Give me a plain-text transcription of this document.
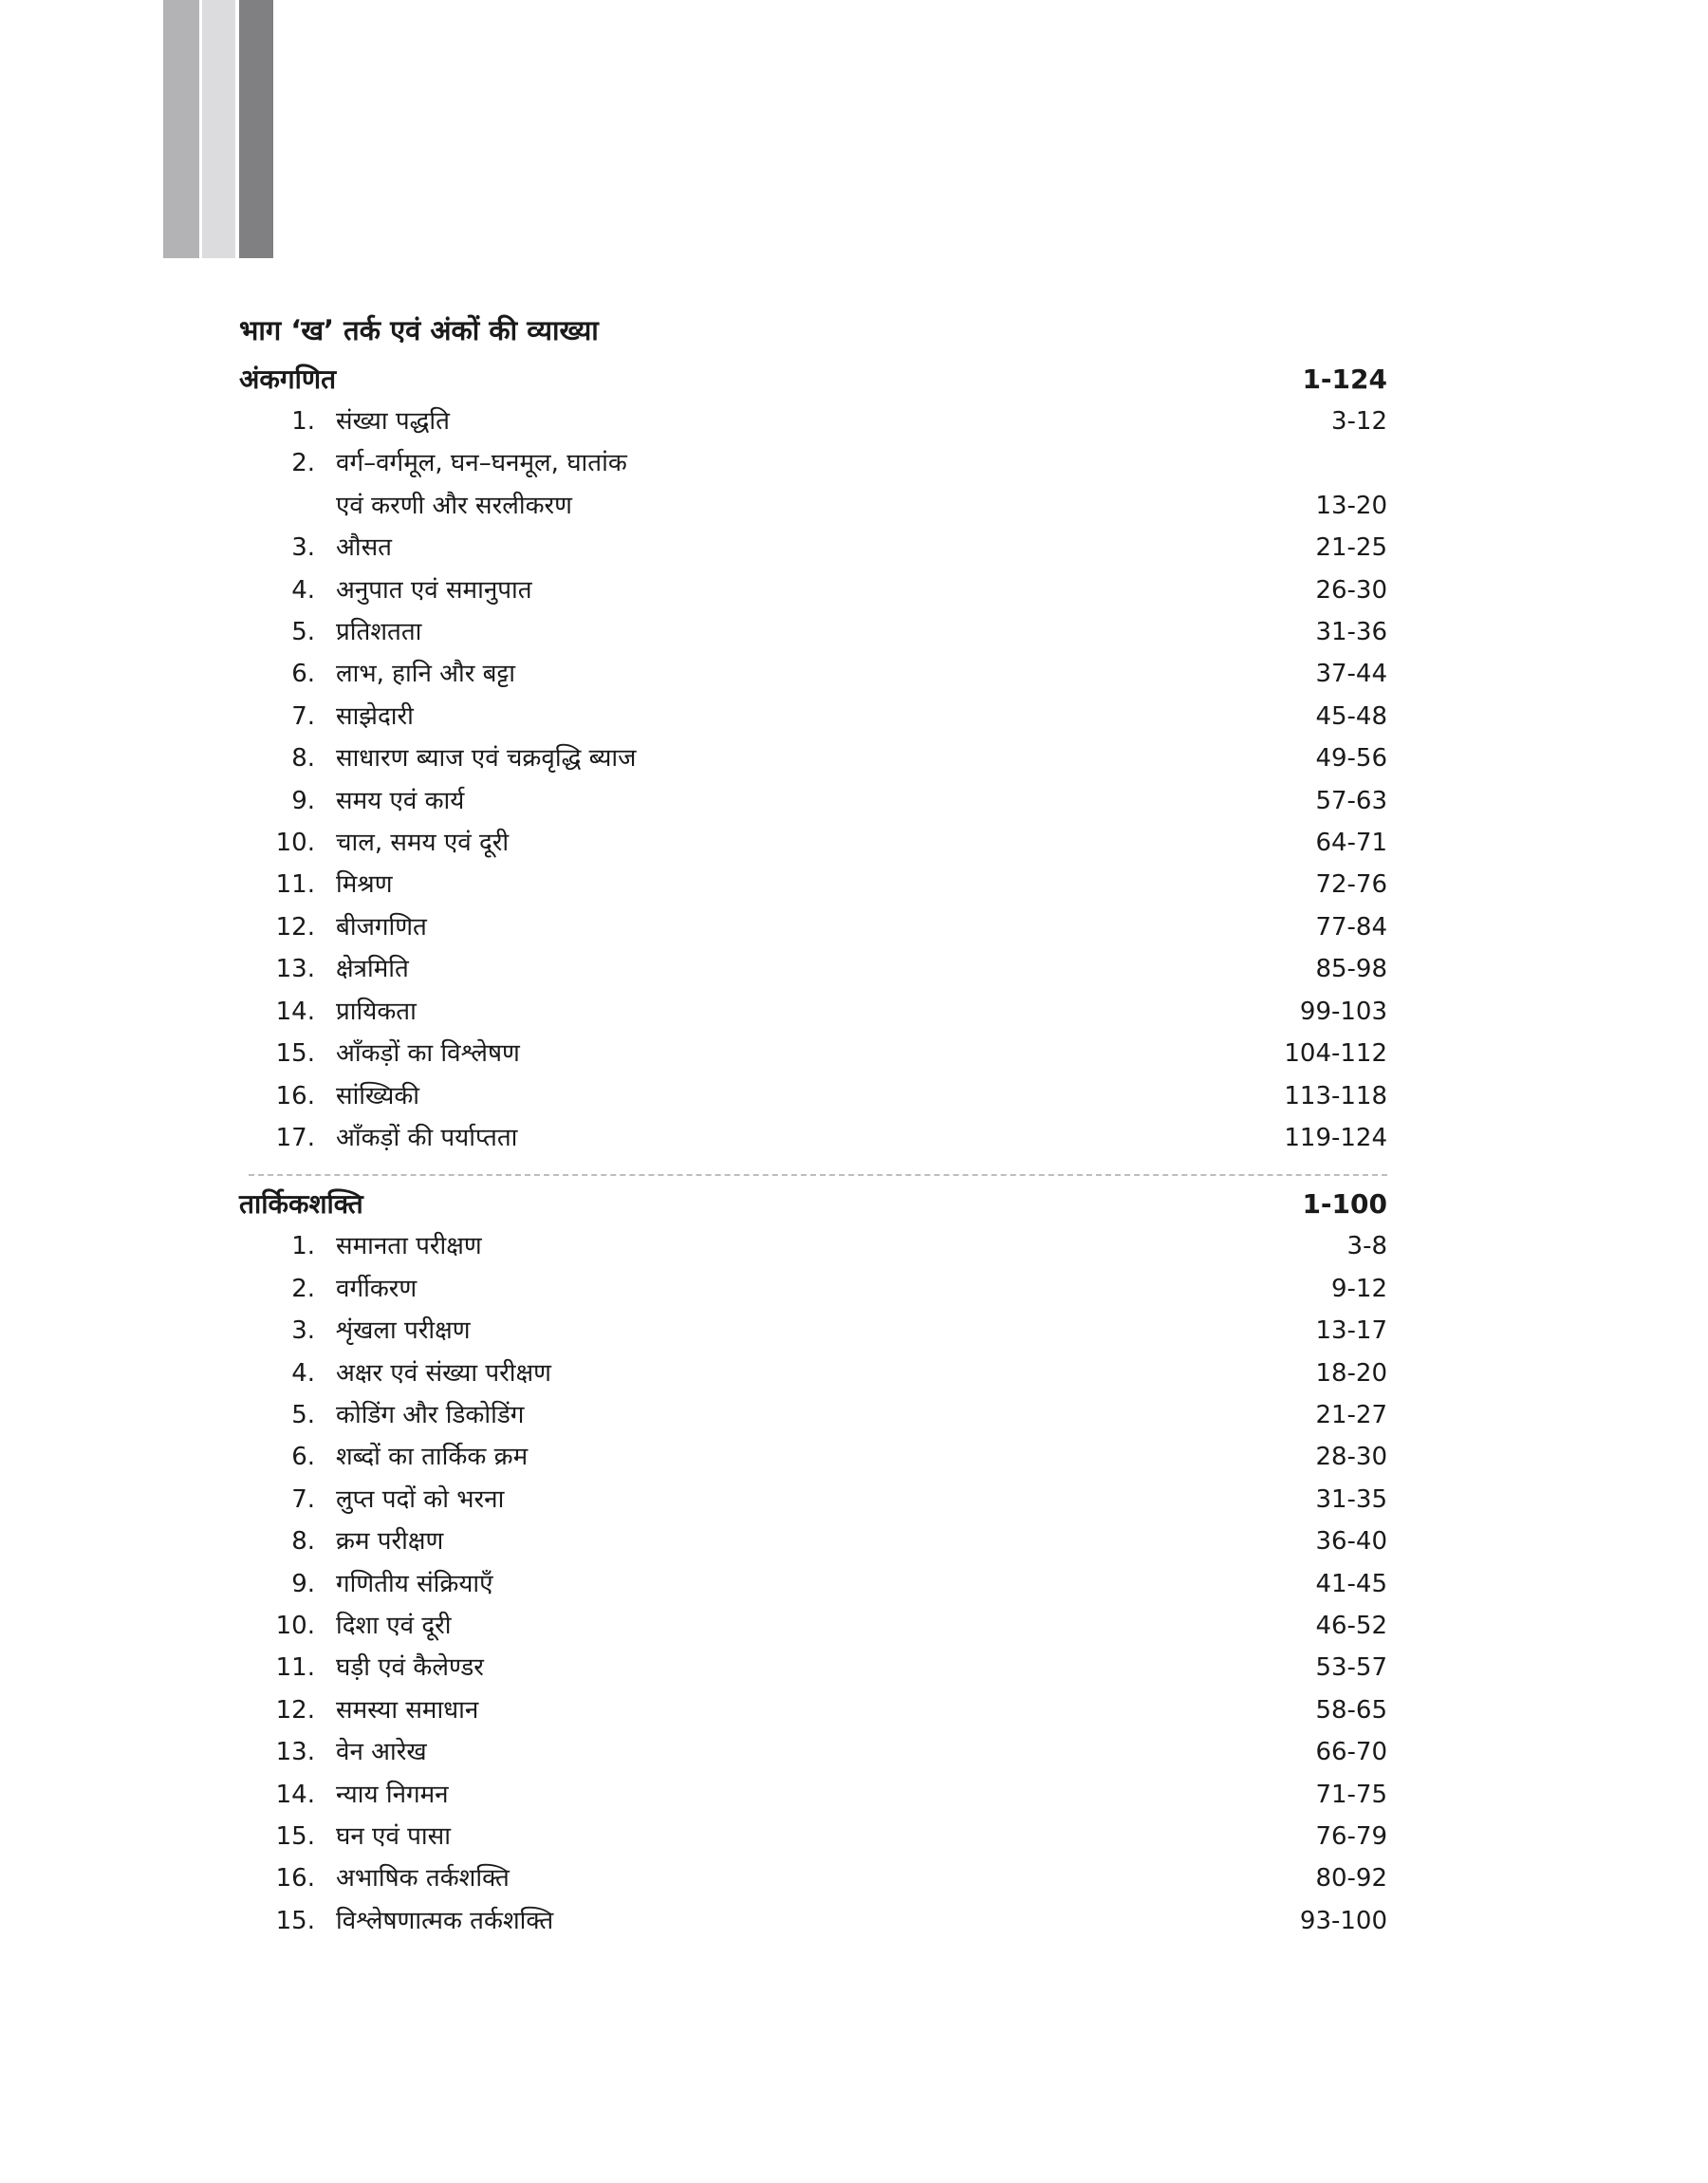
भाग ‘ख’ तर्क एवं अंकों की व्याख्या
अंकगणित	1-124
1. संख्या पद्धति	3-12
2. वर्ग–वर्गमूल, घन–घनमूल, घातांक
एवं करणी और सरलीकरण	13-20
3. औसत	21-25
4. अनुपात एवं समानुपात	26-30
5. प्रतिशतता	31-36
6. लाभ, हानि और बट्टा	37-44
7. साझेदारी	45-48
8. साधारण ब्याज एवं चक्रवृद्धि ब्याज	49-56
9. समय एवं कार्य	57-63
10. चाल, समय एवं दूरी	64-71
11. मिश्रण	72-76
12. बीजगणित	77-84
13. क्षेत्रमिति	85-98
14. प्रायिकता	99-103
15. आँकड़ों का विश्लेषण	104-112
16. सांख्यिकी	113-118
17. आँकड़ों की पर्याप्तता	119-124
तार्किकशक्ति	1-100
1. समानता परीक्षण	3-8
2. वर्गीकरण	9-12
3. शृंखला परीक्षण	13-17
4. अक्षर एवं संख्या परीक्षण	18-20
5. कोडिंग और डिकोडिंग	21-27
6. शब्दों का तार्किक क्रम	28-30
7. लुप्त पदों को भरना	31-35
8. क्रम परीक्षण	36-40
9. गणितीय संक्रियाएँ	41-45
10. दिशा एवं दूरी	46-52
11. घड़ी एवं कैलेण्डर	53-57
12. समस्या समाधान	58-65
13. वेन आरेख	66-70
14. न्याय निगमन	71-75
15. घन एवं पासा	76-79
16. अभाषिक तर्कशक्ति	80-92
15. विश्लेषणात्मक तर्कशक्ति	93-100
